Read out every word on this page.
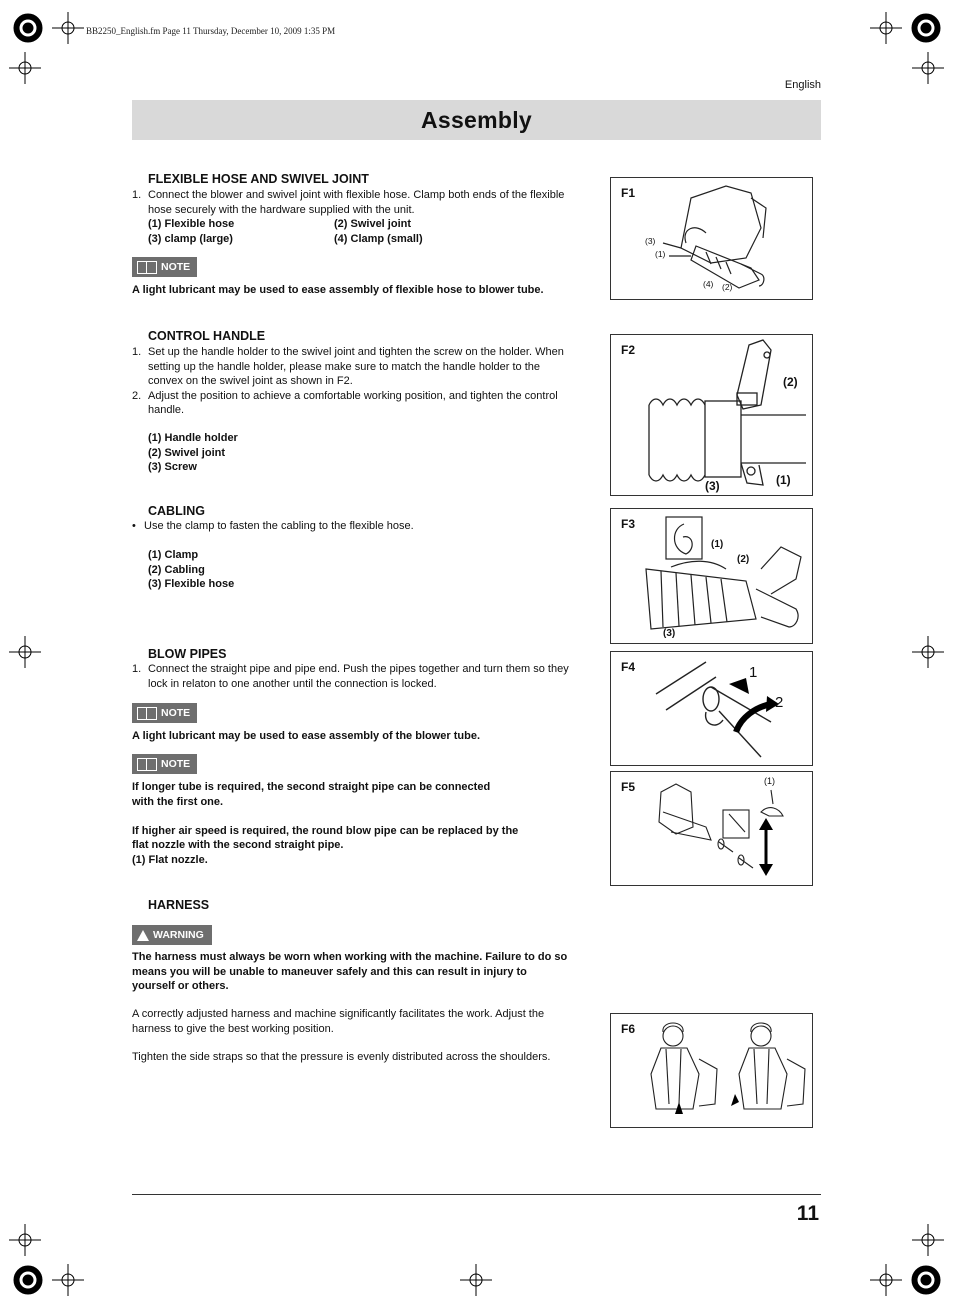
BB2250_English.fm Page 11 Thursday, December 10, 2009 1:35 PM
English
Assembly
FLEXIBLE HOSE AND SWIVEL JOINT
1. Connect the blower and swivel joint with flexible hose. Clamp both ends of the flexible hose securely with the hardware supplied with the unit.
(1) Flexible hose	(2) Swivel joint
(3) clamp (large)	(4) Clamp (small)
NOTE
A light lubricant may be used to ease assembly of flexible hose to blower tube.
CONTROL HANDLE
1. Set up the handle holder to the swivel joint and tighten the screw on the holder. When setting up the handle holder, please make sure to match the handle holder to the convex on the swivel joint as shown in F2.
2. Adjust the position to achieve a comfortable working position, and tighten the control handle.
(1) Handle holder
(2) Swivel joint
(3) Screw
CABLING
• Use the clamp to fasten the cabling to the flexible hose.
(1) Clamp
(2) Cabling
(3) Flexible hose
BLOW PIPES
1. Connect the straight pipe and pipe end. Push the pipes together and turn them so they lock in relaton to one another until the connection is locked.
NOTE
A light lubricant may be used to ease assembly of the blower tube.
NOTE
If longer tube is required, the second straight pipe can be connected
with the first one.
If higher air speed is required, the round blow pipe can be replaced by the
flat nozzle with the second straight pipe.
(1) Flat nozzle.
HARNESS
WARNING
The harness must always be worn when working with the machine. Failure to do so means you will be unable to maneuver safely and this can result in injury to yourself or others.
A correctly adjusted harness and machine significantly facilitates the work. Adjust the harness to give the best working position.
Tighten the side straps so that the pressure is evenly distributed across the shoulders.
F1
(3)
(1)
(4) (2)
F2
(2)
(3)	(1)
F3
(1)
(2)
(3)
F4	1
2
F5	(1)
F6
11
